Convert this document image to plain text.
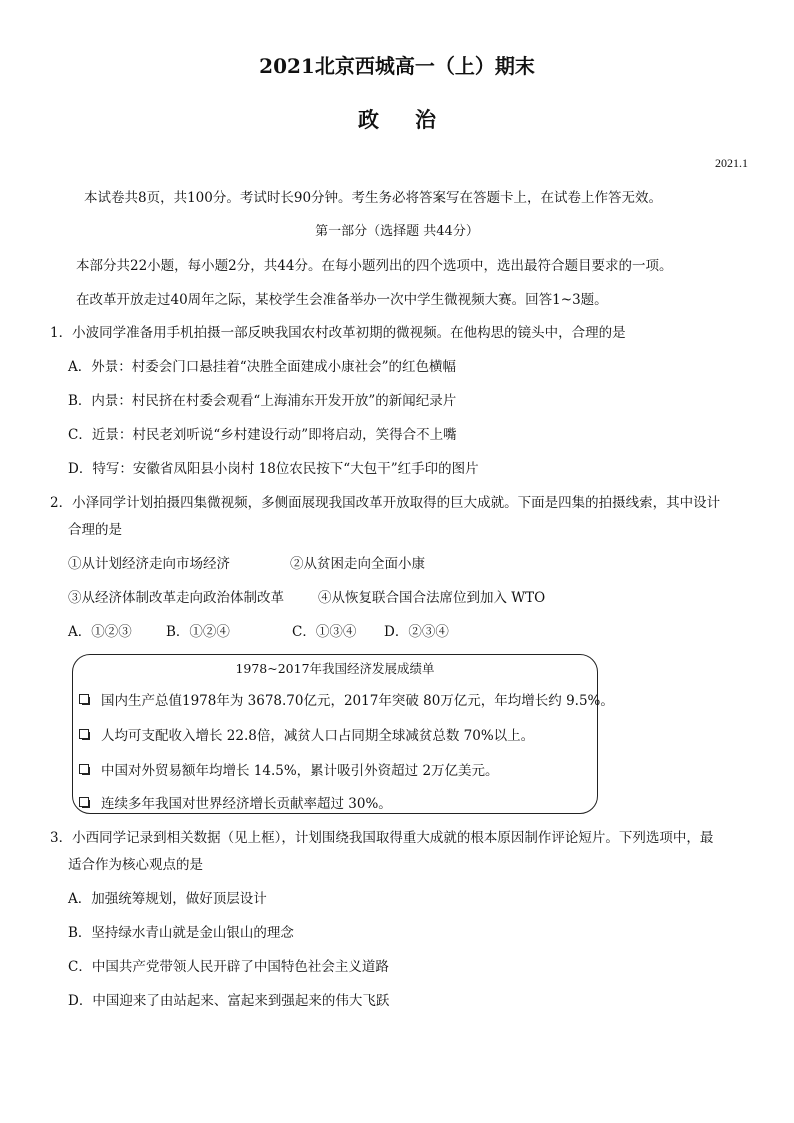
2021北京西城高一（上）期末
政治
2021.1
本试卷共8页，共100分。考试时长90分钟。考生务必将答案写在答题卡上，在试卷上作答无效。
第一部分（选择题 共44分）
本部分共22小题，每小题2分，共44分。在每小题列出的四个选项中，选出最符合题目要求的一项。
在改革开放走过40周年之际，某校学生会准备举办一次中学生微视频大赛。回答1~3题。
1．小波同学准备用手机拍摄一部反映我国农村改革初期的微视频。在他构思的镜头中，合理的是
A．外景：村委会门口悬挂着“决胜全面建成小康社会”的红色横幅
B．内景：村民挤在村委会观看“上海浦东开发开放”的新闻纪录片
C．近景：村民老刘听说“乡村建设行动”即将启动，笑得合不上嘴
D．特写：安徽省凤阳县小岗村 18位农民按下“大包干”红手印的图片
2．小泽同学计划拍摄四集微视频，多侧面展现我国改革开放取得的巨大成就。下面是四集的拍摄线索，其中设计
合理的是
①从计划经济走向市场经济	②从贫困走向全面小康
③从经济体制改革走向政治体制改革	④从恢复联合国合法席位到加入 WTO
A．①②③	B．①②④	C．①③④ D．②③④
1978~2017年我国经济发展成绩单
国内生产总值1978年为 3678.70亿元，2017年突破 80万亿元，年均增长约 9.5%。
人均可支配收入增长 22.8倍，减贫人口占同期全球减贫总数 70%以上。
中国对外贸易额年均增长 14.5%，累计吸引外资超过 2万亿美元。
连续多年我国对世界经济增长贡献率超过 30%。
3．小西同学记录到相关数据（见上框），计划围绕我国取得重大成就的根本原因制作评论短片。下列选项中，最
适合作为核心观点的是
A．加强统筹规划，做好顶层设计
B．坚持绿水青山就是金山银山的理念
C．中国共产党带领人民开辟了中国特色社会主义道路
D．中国迎来了由站起来、富起来到强起来的伟大飞跃
